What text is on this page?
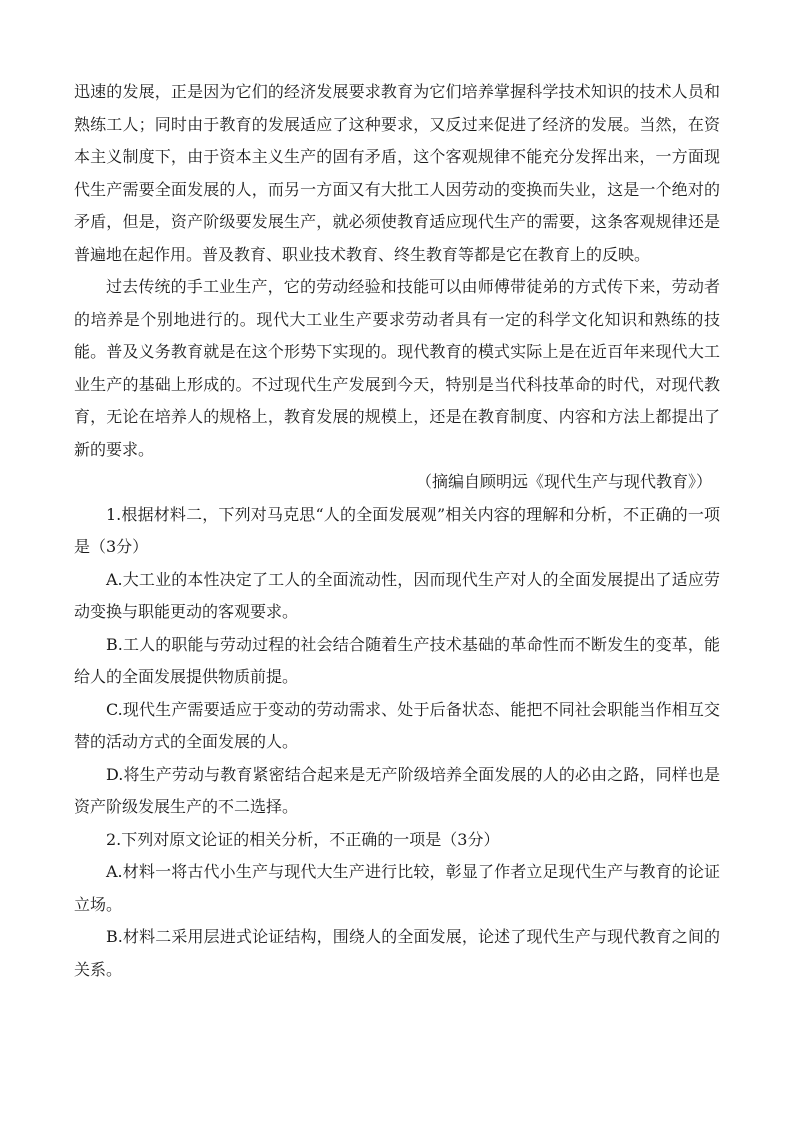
迅速的发展，正是因为它们的经济发展要求教育为它们培养掌握科学技术知识的技术人员和熟练工人；同时由于教育的发展适应了这种要求，又反过来促进了经济的发展。当然，在资本主义制度下，由于资本主义生产的固有矛盾，这个客观规律不能充分发挥出来，一方面现代生产需要全面发展的人，而另一方面又有大批工人因劳动的变换而失业，这是一个绝对的矛盾，但是，资产阶级要发展生产，就必须使教育适应现代生产的需要，这条客观规律还是普遍地在起作用。普及教育、职业技术教育、终生教育等都是它在教育上的反映。

过去传统的手工业生产，它的劳动经验和技能可以由师傅带徒弟的方式传下来，劳动者的培养是个别地进行的。现代大工业生产要求劳动者具有一定的科学文化知识和熟练的技能。普及义务教育就是在这个形势下实现的。现代教育的模式实际上是在近百年来现代大工业生产的基础上形成的。不过现代生产发展到今天，特别是当代科技革命的时代，对现代教育，无论在培养人的规格上，教育发展的规模上，还是在教育制度、内容和方法上都提出了新的要求。

（摘编自顾明远《现代生产与现代教育》）

1.根据材料二，下列对马克思“人的全面发展观”相关内容的理解和分析，不正确的一项是（3分）

A.大工业的本性决定了工人的全面流动性，因而现代生产对人的全面发展提出了适应劳动变换与职能更动的客观要求。

B.工人的职能与劳动过程的社会结合随着生产技术基础的革命性而不断发生的变革，能给人的全面发展提供物质前提。

C.现代生产需要适应于变动的劳动需求、处于后备状态、能把不同社会职能当作相互交替的活动方式的全面发展的人。

D.将生产劳动与教育紧密结合起来是无产阶级培养全面发展的人的必由之路，同样也是资产阶级发展生产的不二选择。

2.下列对原文论证的相关分析，不正确的一项是（3分）

A.材料一将古代小生产与现代大生产进行比较，彰显了作者立足现代生产与教育的论证立场。

B.材料二采用层进式论证结构，围绕人的全面发展，论述了现代生产与现代教育之间的关系。
